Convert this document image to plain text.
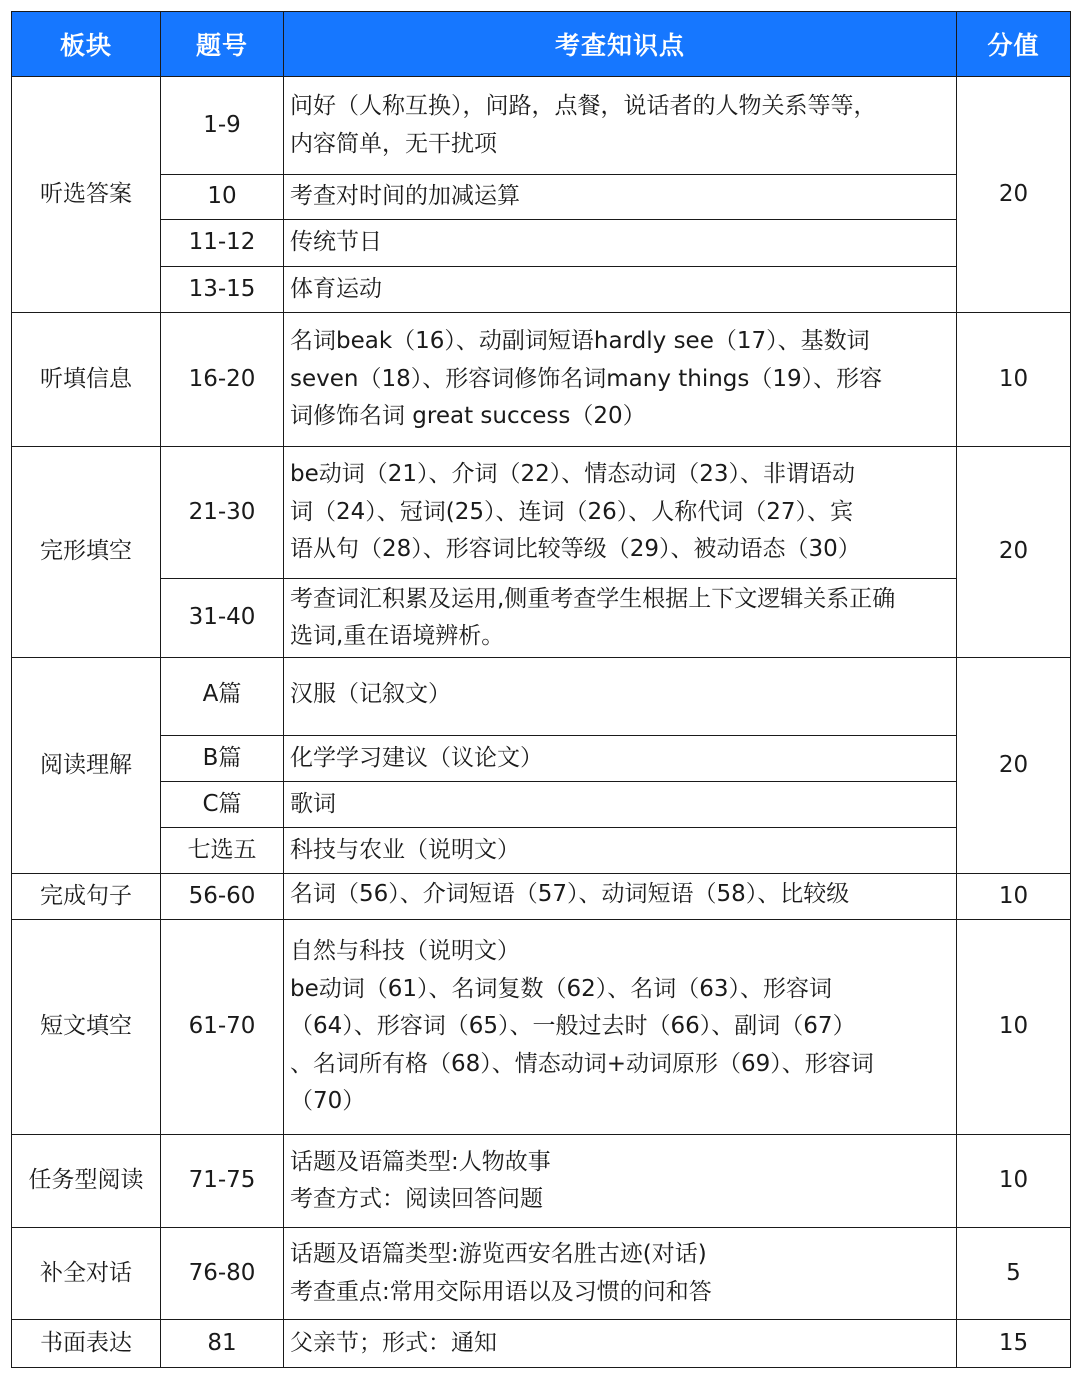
板块	题号	考查知识点	分值
听选答案	1-9	问好（人称互换），问路，点餐，说话者的人物关系等等，
内容简单，无干扰项	20
	10	考查对时间的加减运算	
	11-12	传统节日	
	13-15	体育运动	
听填信息	16-20	名词beak（16）、动副词短语hardly see（17）、基数词
seven（18）、形容词修饰名词many things（19）、形容
词修饰名词 great success（20）	10
完形填空	21-30	be动词（21）、介词（22）、情态动词（23）、非谓语动
词（24）、冠词(25）、连词（26）、人称代词（27）、宾
语从句（28）、形容词比较等级（29）、被动语态（30）	20
	31-40	考查词汇积累及运用,侧重考查学生根据上下文逻辑关系正确
选词,重在语境辨析。	
阅读理解	A篇	汉服（记叙文）	20
	B篇	化学学习建议（议论文）	
	C篇	歌词	
	七选五	科技与农业（说明文）	
完成句子	56-60	名词（56）、介词短语（57）、动词短语（58）、比较级	10
短文填空	61-70	自然与科技（说明文）
be动词（61）、名词复数（62）、名词（63）、形容词
（64）、形容词（65）、一般过去时（66）、副词（67）
、名词所有格（68）、情态动词+动词原形（69）、形容词
（70）	10
任务型阅读	71-75	话题及语篇类型:人物故事
考查方式：阅读回答问题	10
补全对话	76-80	话题及语篇类型:游览西安名胜古迹(对话)
考查重点:常用交际用语以及习惯的问和答	5
书面表达	81	父亲节；形式：通知	15
